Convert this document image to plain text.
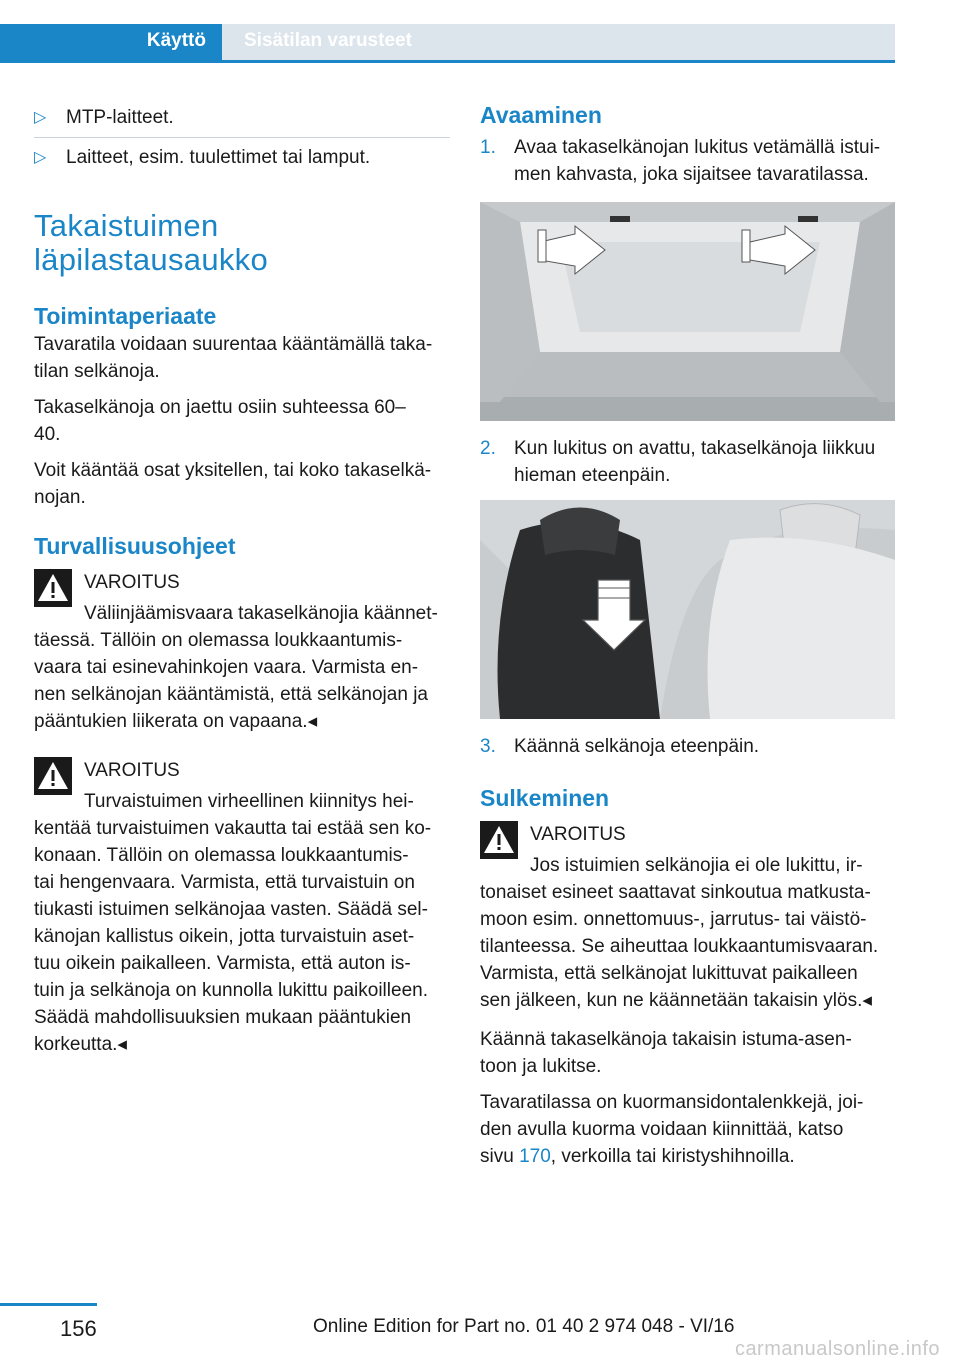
Käyttö Sisätilan varusteet
▷ MTP-laitteet.
▷ Laitteet, esim. tuulettimet tai lamput.
Takaistuimen
läpilastausaukko
Toimintaperiaate

Tavaratila voidaan suurentaa kääntämällä taka-
tilan selkänoja.

Takaselkänoja on jaettu osiin suhteessa 60–
40.

Voit kääntää osat yksitellen, tai koko takaselkä-
nojan.

Turvallisuusohjeet
VAROITUS
Väliinjäämisvaara takaselkänojia käännet-
täessä. Tällöin on olemassa loukkaantumis-
vaara tai esinevahinkojen vaara. Varmista en-
nen selkänojan kääntämistä, että selkänojan ja
pääntukien liikerata on vapaana.◂
VAROITUS
Turvaistuimen virheellinen kiinnitys hei-
kentää turvaistuimen vakautta tai estää sen ko-
konaan. Tällöin on olemassa loukkaantumis-
tai hengenvaara. Varmista, että turvaistuin on
tiukasti istuimen selkänojaa vasten. Säädä sel-
känojan kallistus oikein, jotta turvaistuin aset-
tuu oikein paikalleen. Varmista, että auton is-
tuin ja selkänoja on kunnolla lukittu paikoilleen.
Säädä mahdollisuuksien mukaan pääntukien
korkeutta.◂
Avaaminen
1. Avaa takaselkänojan lukitus vetämällä istui-
men kahvasta, joka sijaitsee tavaratilassa.
2. Kun lukitus on avattu, takaselkänoja liikkuu
hieman eteenpäin.
3. Käännä selkänoja eteenpäin.
Sulkeminen
VAROITUS
Jos istuimien selkänojia ei ole lukittu, ir-
tonaiset esineet saattavat sinkoutua matkusta-
moon esim. onnettomuus-, jarrutus- tai väistö-
tilanteessa. Se aiheuttaa loukkaantumisvaaran.
Varmista, että selkänojat lukittuvat paikalleen
sen jälkeen, kun ne käännetään takaisin ylös.◂

Käännä takaselkänoja takaisin istuma-asen-
toon ja lukitse.

Tavaratilassa on kuormansidontalenkkejä, joi-
den avulla kuorma voidaan kiinnittää, katso
sivu 170, verkoilla tai kiristyshihnoilla.

156	Online Edition for Part no. 01 40 2 974 048 - VI/16
carmanualsonline.info
